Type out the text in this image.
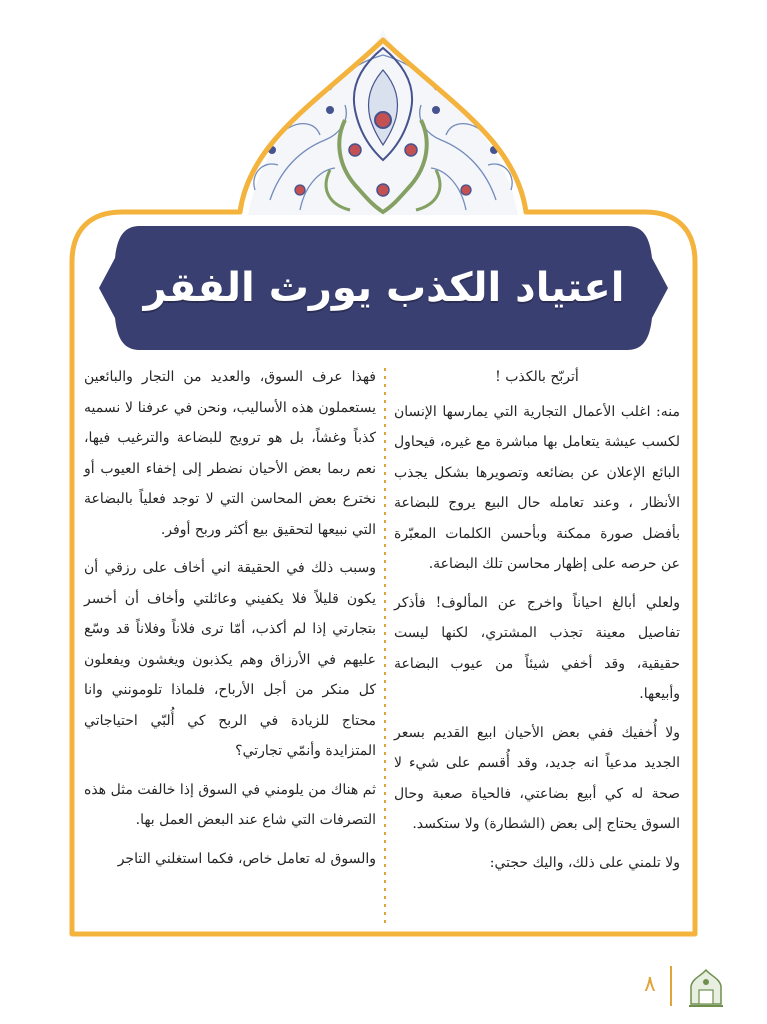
اعتياد الكذب يورث الفقر

أتربّح بالكذب !

منه: اغلب الأعمال التجارية التي يمارسها الإنسان لكسب عيشة يتعامل بها مباشرة مع غيره، فيحاول البائع الإعلان عن بضائعه وتصويرها بشكل يجذب الأنظار ، وعند تعامله حال البيع يروج للبضاعة بأفضل صورة ممكنة وبأحسن الكلمات المعبّرة عن حرصه على إظهار محاسن تلك البضاعة.

ولعلي أبالغ احياناً واخرج عن المألوف! فأذكر تفاصيل معينة تجذب المشتري، لكنها ليست حقيقية، وقد أخفي شيئاً من عيوب البضاعة وأبيعها.

ولا أُخفيك ففي بعض الأحيان ابيع القديم بسعر الجديد مدعياً انه جديد، وقد أُقسم على شيء لا صحة له كي أبيع بضاعتي، فالحياة صعبة وحال السوق يحتاج إلى بعض (الشطارة) ولا ستكسد.

ولا تلمني على ذلك، واليك حجتي:

فهذا عرف السوق، والعديد من التجار والبائعين يستعملون هذه الأساليب، ونحن في عرفنا لا نسميه كذباً وغشاً، بل هو ترويج للبضاعة والترغيب فيها، نعم ربما بعض الأحيان نضطر إلى إخفاء العيوب أو نخترع بعض المحاسن التي لا توجد فعلياً بالبضاعة التي نبيعها لتحقيق بيع أكثر وربح أوفر.

وسبب ذلك في الحقيقة اني أخاف على رزقي أن يكون قليلاً فلا يكفيني وعائلتي وأخاف أن أخسر بتجارتي إذا لم أكذب، أمّا ترى فلاناً وفلاناً قد وسّع عليهم في الأرزاق وهم يكذبون ويغشون ويفعلون كل منكر من أجل الأرباح، فلماذا تلومونني وانا محتاج للزيادة في الربح كي أُلبّي احتياجاتي المتزايدة وأنمّي تجارتي؟

ثم هناك من يلومني في السوق إذا خالفت مثل هذه التصرفات التي شاع عند البعض العمل بها.

والسوق له تعامل خاص، فكما استغلني التاجر

٨
